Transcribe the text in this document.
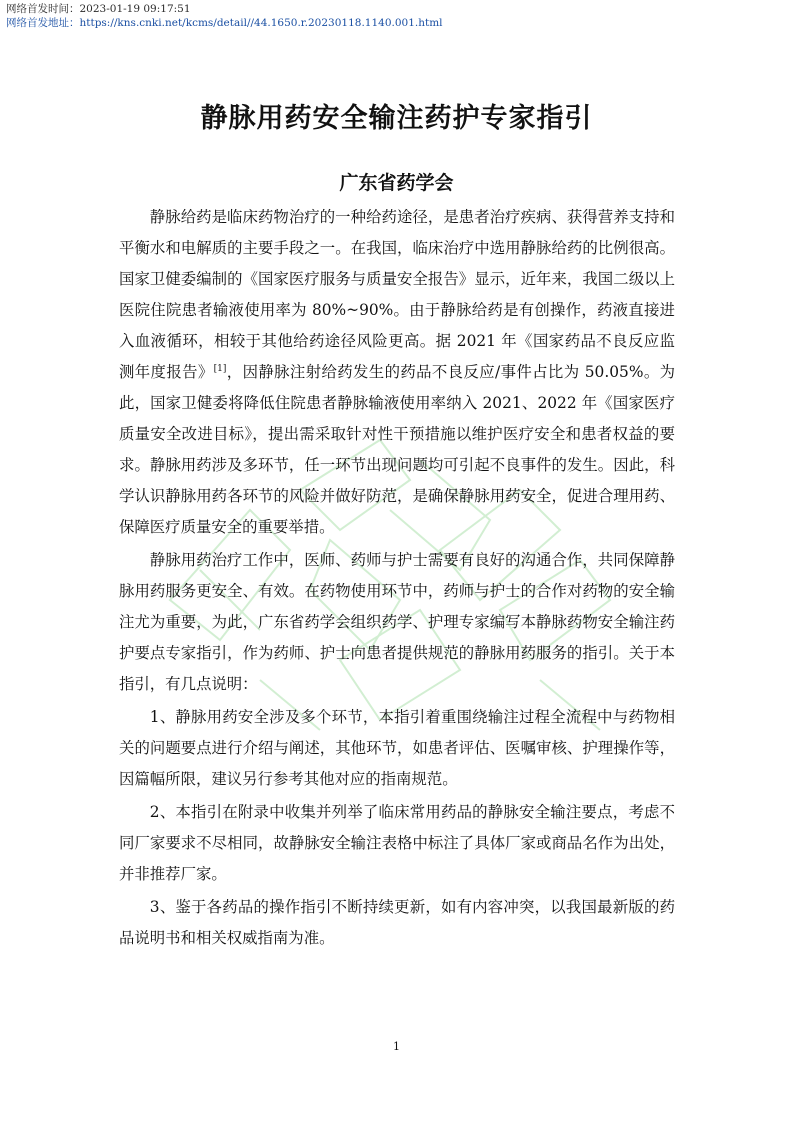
网络首发时间：2023-01-19 09:17:51
网络首发地址：https://kns.cnki.net/kcms/detail//44.1650.r.20230118.1140.001.html
静脉用药安全输注药护专家指引
广东省药学会

静脉给药是临床药物治疗的一种给药途径，是患者治疗疾病、获得营养支持和平衡水和电解质的主要手段之一。在我国，临床治疗中选用静脉给药的比例很高。国家卫健委编制的《国家医疗服务与质量安全报告》显示，近年来，我国二级以上医院住院患者输液使用率为 80%~90%。由于静脉给药是有创操作，药液直接进入血液循环，相较于其他给药途径风险更高。据 2021 年《国家药品不良反应监测年度报告》[1]，因静脉注射给药发生的药品不良反应/事件占比为 50.05%。为此，国家卫健委将降低住院患者静脉输液使用率纳入 2021、2022 年《国家医疗质量安全改进目标》，提出需采取针对性干预措施以维护医疗安全和患者权益的要求。静脉用药涉及多环节，任一环节出现问题均可引起不良事件的发生。因此，科学认识静脉用药各环节的风险并做好防范，是确保静脉用药安全，促进合理用药、保障医疗质量安全的重要举措。

静脉用药治疗工作中，医师、药师与护士需要有良好的沟通合作，共同保障静脉用药服务更安全、有效。在药物使用环节中，药师与护士的合作对药物的安全输注尤为重要，为此，广东省药学会组织药学、护理专家编写本静脉药物安全输注药护要点专家指引，作为药师、护士向患者提供规范的静脉用药服务的指引。关于本指引，有几点说明：

1、静脉用药安全涉及多个环节，本指引着重围绕输注过程全流程中与药物相关的问题要点进行介绍与阐述，其他环节，如患者评估、医嘱审核、护理操作等，因篇幅所限，建议另行参考其他对应的指南规范。

2、本指引在附录中收集并列举了临床常用药品的静脉安全输注要点，考虑不同厂家要求不尽相同，故静脉安全输注表格中标注了具体厂家或商品名作为出处，并非推荐厂家。

3、鉴于各药品的操作指引不断持续更新，如有内容冲突，以我国最新版的药品说明书和相关权威指南为准。

1
